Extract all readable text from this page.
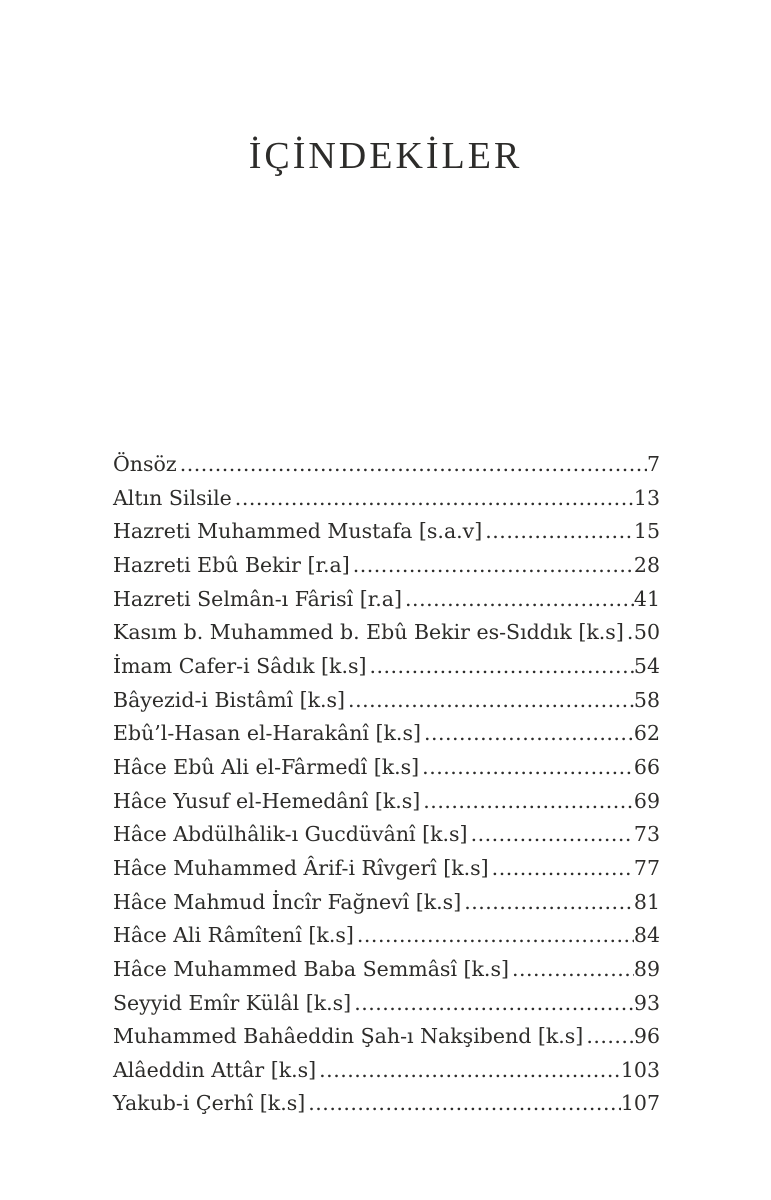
İÇİNDEKİLER
Önsöz .....	7
Altın Silsile .....	13
Hazreti Muhammed Mustafa [s.a.v] .....	15
Hazreti Ebû Bekir [r.a] .....	28
Hazreti Selmân-ı Fârisî [r.a] .....	41
Kasım b. Muhammed b. Ebû Bekir es-Sıddık [k.s] ..... 50
İmam Cafer-i Sâdık [k.s] .....	54
Bâyezid-i Bistâmî [k.s] .....	58
Ebû’l-Hasan el-Harakânî [k.s] .....	62
Hâce Ebû Ali el-Fârmedî [k.s] .....	66
Hâce Yusuf el-Hemedânî [k.s] .....	69
Hâce Abdülhâlik-ı Gucdüvânî [k.s] .....	73
Hâce Muhammed Ârif-i Rîvgerî [k.s] .....	77
Hâce Mahmud İncîr Fağnevî [k.s] .....	81
Hâce Ali Râmîtenî [k.s] .....	84
Hâce Muhammed Baba Semmâsî [k.s] .....	89
Seyyid Emîr Külâl [k.s] .....	93
Muhammed Bahâeddin Şah-ı Nakşibend [k.s] ..... 96
Alâeddin Attâr [k.s] .....	103
Yakub-i Çerhî [k.s] .....	107
